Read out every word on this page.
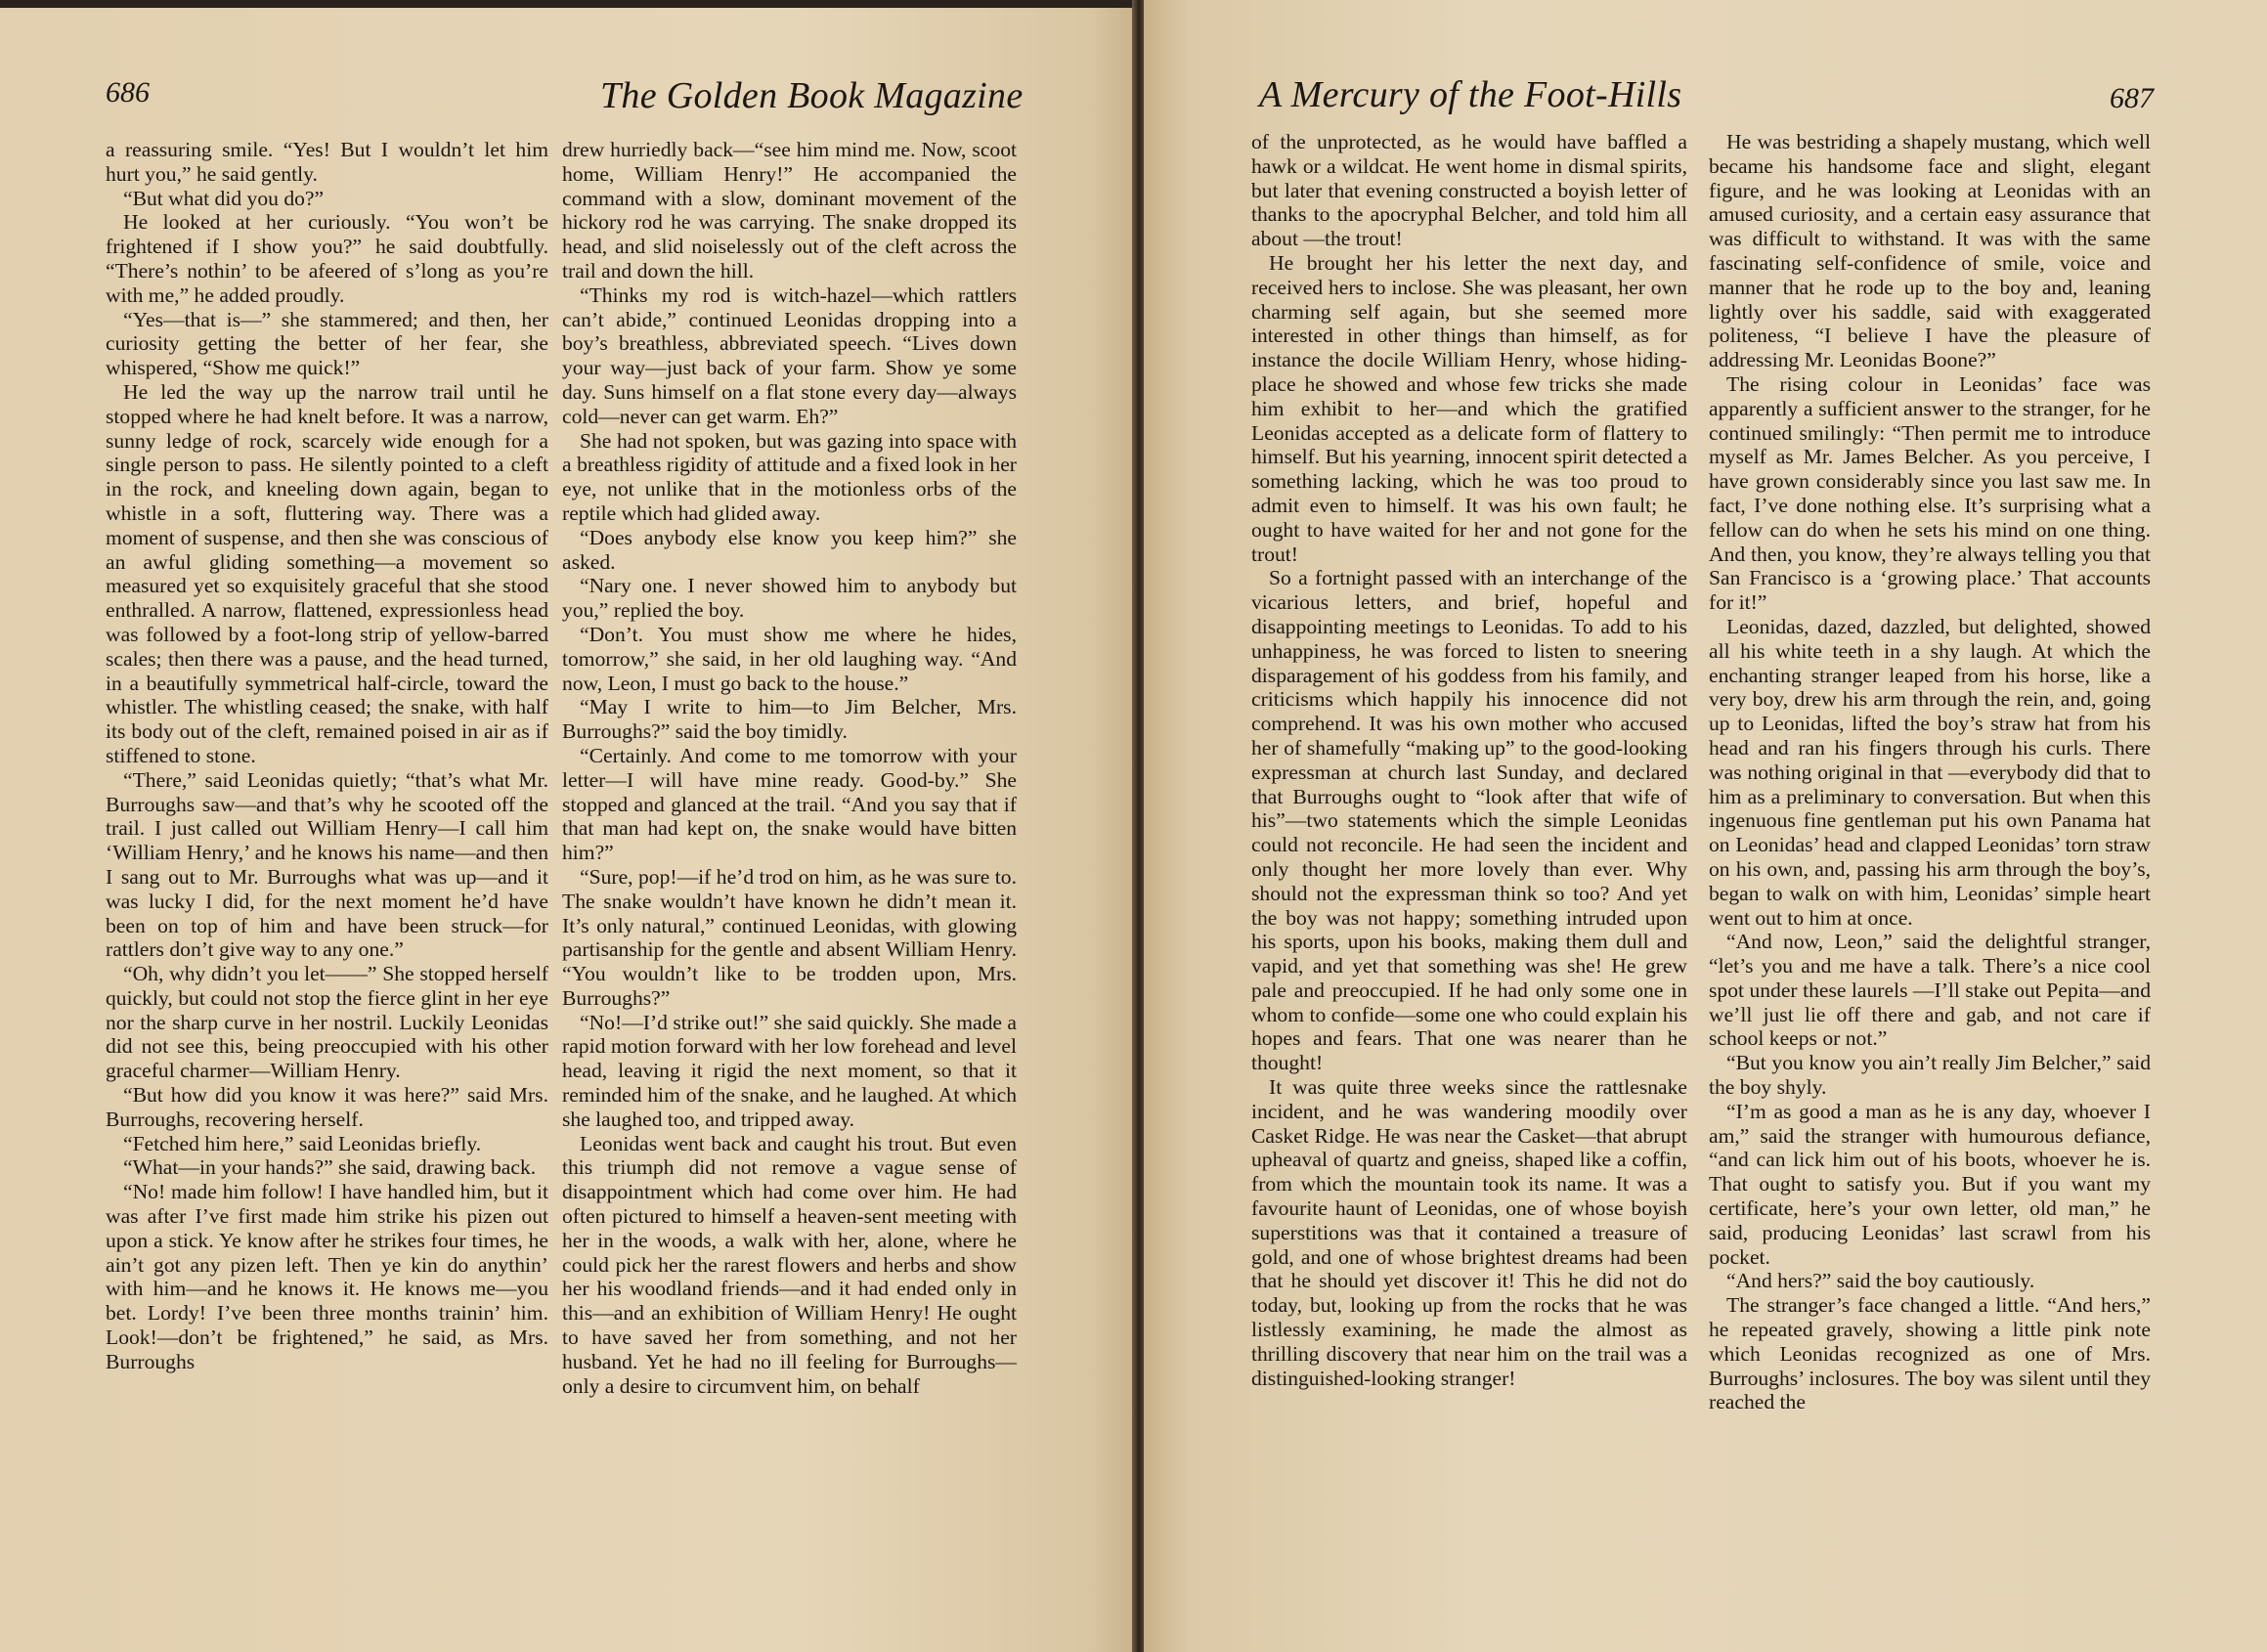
686	The Golden Book Magazine

a reassuring smile. “Yes! But I wouldn’t let him hurt you,” he said gently.

“But what did you do?”

He looked at her curiously. “You won’t be frightened if I show you?” he said doubtfully. “There’s nothin’ to be afeered of s’long as you’re with me,” he added proudly.

“Yes—that is—” she stammered; and then, her curiosity getting the better of her fear, she whispered, “Show me quick!”

He led the way up the narrow trail until he stopped where he had knelt before. It was a narrow, sunny ledge of rock, scarcely wide enough for a single person to pass. He silently pointed to a cleft in the rock, and kneeling down again, began to whistle in a soft, fluttering way. There was a moment of suspense, and then she was conscious of an awful gliding something—a movement so measured yet so exquisitely graceful that she stood enthralled. A narrow, flattened, expressionless head was followed by a foot-long strip of yellow-barred scales; then there was a pause, and the head turned, in a beautifully symmetrical half-circle, toward the whistler. The whistling ceased; the snake, with half its body out of the cleft, remained poised in air as if stiffened to stone.

“There,” said Leonidas quietly; “that’s what Mr. Burroughs saw—and that’s why he scooted off the trail. I just called out William Henry—I call him ‘William Henry,’ and he knows his name—and then I sang out to Mr. Burroughs what was up—and it was lucky I did, for the next moment he’d have been on top of him and have been struck—for rattlers don’t give way to any one.”

“Oh, why didn’t you let——” She stopped herself quickly, but could not stop the fierce glint in her eye nor the sharp curve in her nostril. Luckily Leonidas did not see this, being preoccupied with his other graceful charmer—William Henry.

“But how did you know it was here?” said Mrs. Burroughs, recovering herself.

“Fetched him here,” said Leonidas briefly.

“What—in your hands?” she said, drawing back.

“No! made him follow! I have handled him, but it was after I’ve first made him strike his pizen out upon a stick. Ye know after he strikes four times, he ain’t got any pizen left. Then ye kin do anythin’ with him—and he knows it. He knows me—you bet. Lordy! I’ve been three months trainin’ him. Look!—don’t be frightened,” he said, as Mrs. Burroughs

drew hurriedly back—“see him mind me. Now, scoot home, William Henry!” He accompanied the command with a slow, dominant movement of the hickory rod he was carrying. The snake dropped its head, and slid noiselessly out of the cleft across the trail and down the hill.

“Thinks my rod is witch-hazel—which rattlers can’t abide,” continued Leonidas dropping into a boy’s breathless, abbreviated speech. “Lives down your way—just back of your farm. Show ye some day. Suns himself on a flat stone every day—always cold—never can get warm. Eh?”

She had not spoken, but was gazing into space with a breathless rigidity of attitude and a fixed look in her eye, not unlike that in the motionless orbs of the reptile which had glided away.

“Does anybody else know you keep him?” she asked.

“Nary one. I never showed him to anybody but you,” replied the boy.

“Don’t. You must show me where he hides, tomorrow,” she said, in her old laughing way. “And now, Leon, I must go back to the house.”

“May I write to him—to Jim Belcher, Mrs. Burroughs?” said the boy timidly.

“Certainly. And come to me tomorrow with your letter—I will have mine ready. Good-by.” She stopped and glanced at the trail. “And you say that if that man had kept on, the snake would have bitten him?”

“Sure, pop!—if he’d trod on him, as he was sure to. The snake wouldn’t have known he didn’t mean it. It’s only natural,” continued Leonidas, with glowing partisanship for the gentle and absent William Henry. “You wouldn’t like to be trodden upon, Mrs. Burroughs?”

“No!—I’d strike out!” she said quickly. She made a rapid motion forward with her low forehead and level head, leaving it rigid the next moment, so that it reminded him of the snake, and he laughed. At which she laughed too, and tripped away.

Leonidas went back and caught his trout. But even this triumph did not remove a vague sense of disappointment which had come over him. He had often pictured to himself a heaven-sent meeting with her in the woods, a walk with her, alone, where he could pick her the rarest flowers and herbs and show her his woodland friends—and it had ended only in this—and an exhibition of William Henry! He ought to have saved her from something, and not her husband. Yet he had no ill feeling for Burroughs—only a desire to circumvent him, on behalf

A Mercury of the Foot-Hills	687

of the unprotected, as he would have baffled a hawk or a wildcat. He went home in dismal spirits, but later that evening constructed a boyish letter of thanks to the apocryphal Belcher, and told him all about —the trout!

He brought her his letter the next day, and received hers to inclose. She was pleasant, her own charming self again, but she seemed more interested in other things than himself, as for instance the docile William Henry, whose hiding-place he showed and whose few tricks she made him exhibit to her—and which the gratified Leonidas accepted as a delicate form of flattery to himself. But his yearning, innocent spirit detected a something lacking, which he was too proud to admit even to himself. It was his own fault; he ought to have waited for her and not gone for the trout!

So a fortnight passed with an interchange of the vicarious letters, and brief, hopeful and disappointing meetings to Leonidas. To add to his unhappiness, he was forced to listen to sneering disparagement of his goddess from his family, and criticisms which happily his innocence did not comprehend. It was his own mother who accused her of shamefully “making up” to the good-looking expressman at church last Sunday, and declared that Burroughs ought to “look after that wife of his”—two statements which the simple Leonidas could not reconcile. He had seen the incident and only thought her more lovely than ever. Why should not the expressman think so too? And yet the boy was not happy; something intruded upon his sports, upon his books, making them dull and vapid, and yet that something was she! He grew pale and preoccupied. If he had only some one in whom to confide—some one who could explain his hopes and fears. That one was nearer than he thought!

It was quite three weeks since the rattlesnake incident, and he was wandering moodily over Casket Ridge. He was near the Casket—that abrupt upheaval of quartz and gneiss, shaped like a coffin, from which the mountain took its name. It was a favourite haunt of Leonidas, one of whose boyish superstitions was that it contained a treasure of gold, and one of whose brightest dreams had been that he should yet discover it! This he did not do today, but, looking up from the rocks that he was listlessly examining, he made the almost as thrilling discovery that near him on the trail was a distinguished-looking stranger!

He was bestriding a shapely mustang, which well became his handsome face and slight, elegant figure, and he was looking at Leonidas with an amused curiosity, and a certain easy assurance that was difficult to withstand. It was with the same fascinating self-confidence of smile, voice and manner that he rode up to the boy and, leaning lightly over his saddle, said with exaggerated politeness, “I believe I have the pleasure of addressing Mr. Leonidas Boone?”

The rising colour in Leonidas’ face was apparently a sufficient answer to the stranger, for he continued smilingly: “Then permit me to introduce myself as Mr. James Belcher. As you perceive, I have grown considerably since you last saw me. In fact, I’ve done nothing else. It’s surprising what a fellow can do when he sets his mind on one thing. And then, you know, they’re always telling you that San Francisco is a ‘growing place.’ That accounts for it!”

Leonidas, dazed, dazzled, but delighted, showed all his white teeth in a shy laugh. At which the enchanting stranger leaped from his horse, like a very boy, drew his arm through the rein, and, going up to Leonidas, lifted the boy’s straw hat from his head and ran his fingers through his curls. There was nothing original in that —everybody did that to him as a preliminary to conversation. But when this ingenuous fine gentleman put his own Panama hat on Leonidas’ head and clapped Leonidas’ torn straw on his own, and, passing his arm through the boy’s, began to walk on with him, Leonidas’ simple heart went out to him at once.

“And now, Leon,” said the delightful stranger, “let’s you and me have a talk. There’s a nice cool spot under these laurels —I’ll stake out Pepita—and we’ll just lie off there and gab, and not care if school keeps or not.”

“But you know you ain’t really Jim Belcher,” said the boy shyly.

“I’m as good a man as he is any day, whoever I am,” said the stranger with humourous defiance, “and can lick him out of his boots, whoever he is. That ought to satisfy you. But if you want my certificate, here’s your own letter, old man,” he said, producing Leonidas’ last scrawl from his pocket.

“And hers?” said the boy cautiously.

The stranger’s face changed a little. “And hers,” he repeated gravely, showing a little pink note which Leonidas recognized as one of Mrs. Burroughs’ inclosures. The boy was silent until they reached the
